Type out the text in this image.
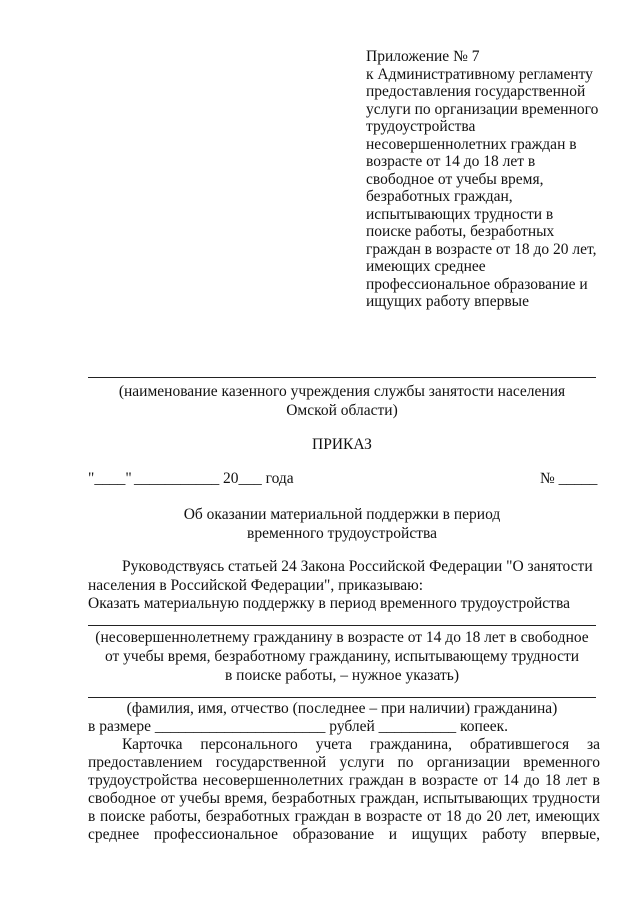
Приложение № 7
к Административному регламенту
предоставления государственной
услуги по организации временного
трудоустройства
несовершеннолетних граждан в
возрасте от 14 до 18 лет в
свободное от учебы время,
безработных граждан,
испытывающих трудности в
поиске работы, безработных
граждан в возрасте от 18 до 20 лет,
имеющих среднее
профессиональное образование и
ищущих работу впервые
(наименование казенного учреждения службы занятости населения
Омской области)
ПРИКАЗ
"____" ___________ 20___ года	№ _____
Об оказании материальной поддержки в период
временного трудоустройства
Руководствуясь статьей 24 Закона Российской Федерации "О занятости
населения в Российской Федерации", приказываю:
Оказать материальную поддержку в период временного трудоустройства
(несовершеннолетнему гражданину в возрасте от 14 до 18 лет в свободное
от учебы время, безработному гражданину, испытывающему трудности
в поиске работы, – нужное указать)
(фамилия, имя, отчество (последнее – при наличии) гражданина)
в размере ______________________ рублей __________ копеек.
Карточка персонального учета гражданина, обратившегося за
предоставлением государственной услуги по организации временного
трудоустройства несовершеннолетних граждан в возрасте от 14 до 18 лет в
свободное от учебы время, безработных граждан, испытывающих трудности
в поиске работы, безработных граждан в возрасте от 18 до 20 лет, имеющих
среднее профессиональное образование и ищущих работу впервые,
